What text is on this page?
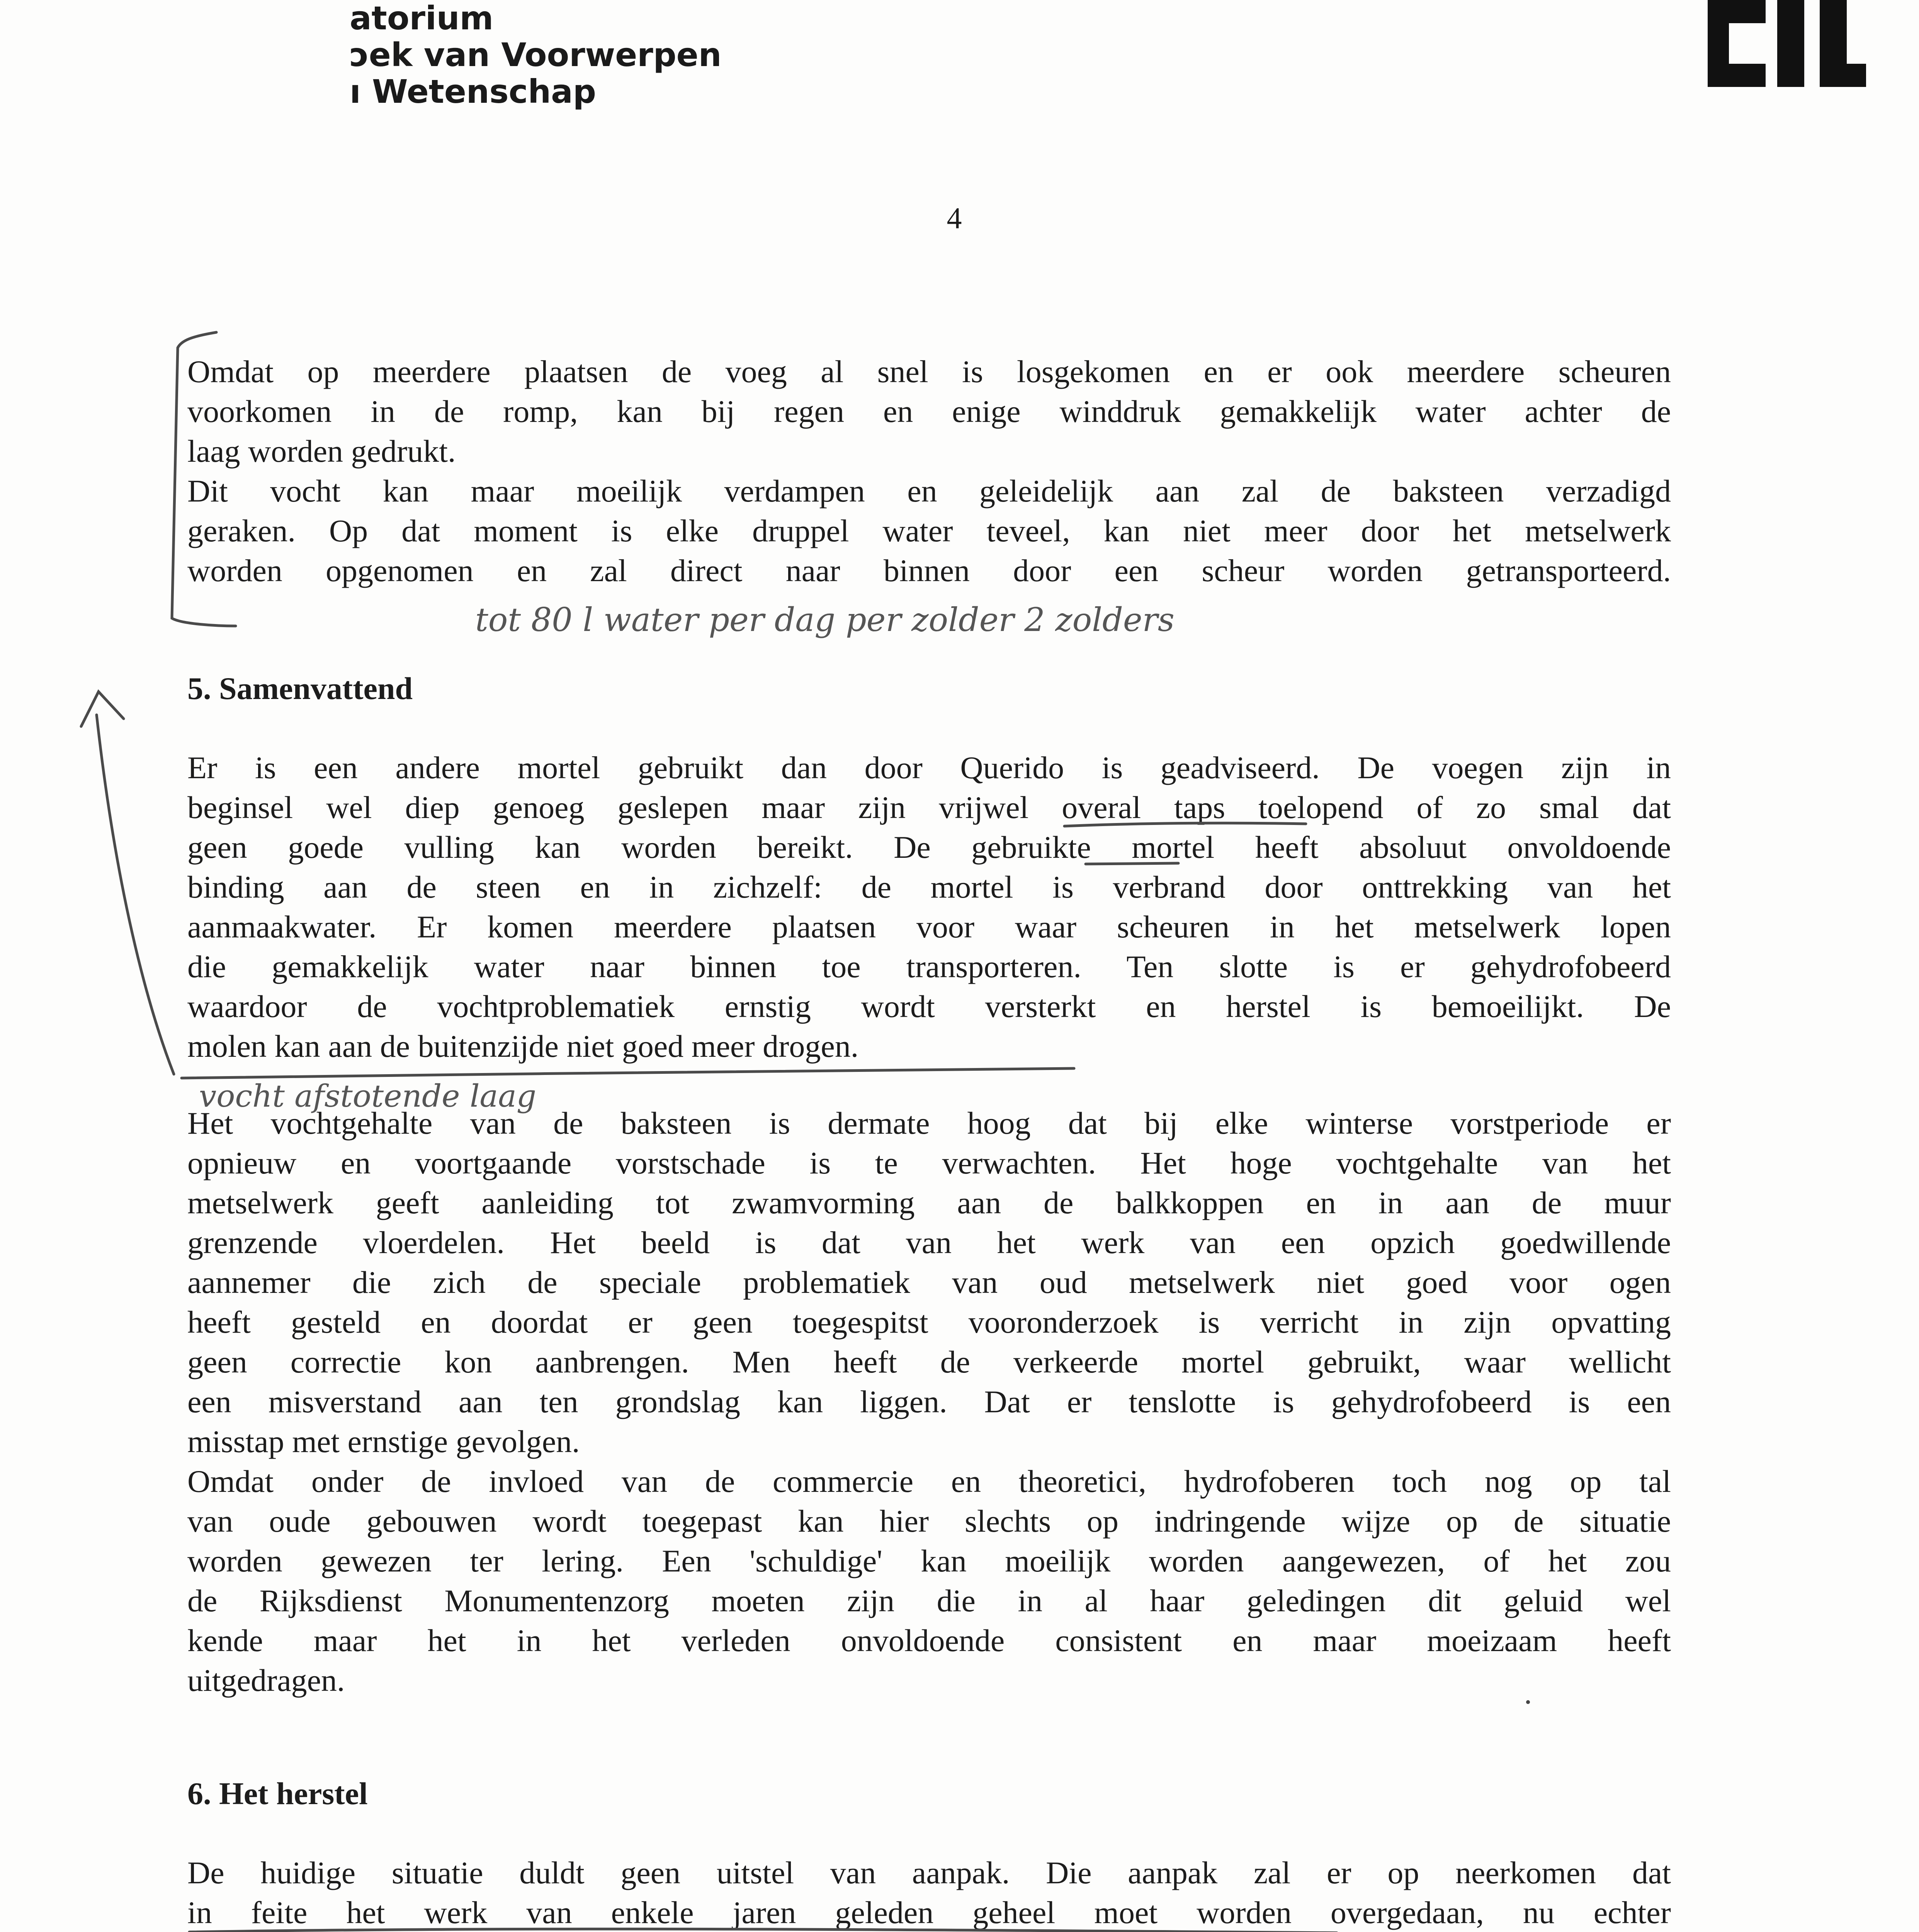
atorium
ɔek van Voorwerpen
ı Wetenschap
4
Omdat op meerdere plaatsen de voeg al snel is losgekomen en er ook meerdere scheuren
voorkomen in de romp, kan bij regen en enige winddruk gemakkelijk water achter de
laag worden gedrukt.
Dit vocht kan maar moeilijk verdampen en geleidelijk aan zal de baksteen verzadigd
geraken. Op dat moment is elke druppel water teveel, kan niet meer door het metselwerk
worden opgenomen en zal direct naar binnen door een scheur worden getransporteerd.
tot 80 l water per dag per zolder 2 zolders
5. Samenvattend
Er is een andere mortel gebruikt dan door Querido is geadviseerd. De voegen zijn in
beginsel wel diep genoeg geslepen maar zijn vrijwel overal taps toelopend of zo smal dat
geen goede vulling kan worden bereikt. De gebruikte mortel heeft absoluut onvoldoende
binding aan de steen en in zichzelf: de mortel is verbrand door onttrekking van het
aanmaakwater. Er komen meerdere plaatsen voor waar scheuren in het metselwerk lopen
die gemakkelijk water naar binnen toe transporteren. Ten slotte is er gehydrofobeerd
waardoor de vochtproblematiek ernstig wordt versterkt en herstel is bemoeilijkt. De
molen kan aan de buitenzijde niet goed meer drogen.
vocht afstotende laag
Het vochtgehalte van de baksteen is dermate hoog dat bij elke winterse vorstperiode er
opnieuw en voortgaande vorstschade is te verwachten. Het hoge vochtgehalte van het
metselwerk geeft aanleiding tot zwamvorming aan de balkkoppen en in aan de muur
grenzende vloerdelen. Het beeld is dat van het werk van een opzich goedwillende
aannemer die zich de speciale problematiek van oud metselwerk niet goed voor ogen
heeft gesteld en doordat er geen toegespitst vooronderzoek is verricht in zijn opvatting
geen correctie kon aanbrengen. Men heeft de verkeerde mortel gebruikt, waar wellicht
een misverstand aan ten grondslag kan liggen. Dat er tenslotte is gehydrofobeerd is een
misstap met ernstige gevolgen.
Omdat onder de invloed van de commercie en theoretici, hydrofoberen toch nog op tal
van oude gebouwen wordt toegepast kan hier slechts op indringende wijze op de situatie
worden gewezen ter lering. Een 'schuldige' kan moeilijk worden aangewezen, of het zou
de Rijksdienst Monumentenzorg moeten zijn die in al haar geledingen dit geluid wel
kende maar het in het verleden onvoldoende consistent en maar moeizaam heeft
uitgedragen.
6. Het herstel
De huidige situatie duldt geen uitstel van aanpak. Die aanpak zal er op neerkomen dat
in feite het werk van enkele jaren geleden geheel moet worden overgedaan, nu echter
